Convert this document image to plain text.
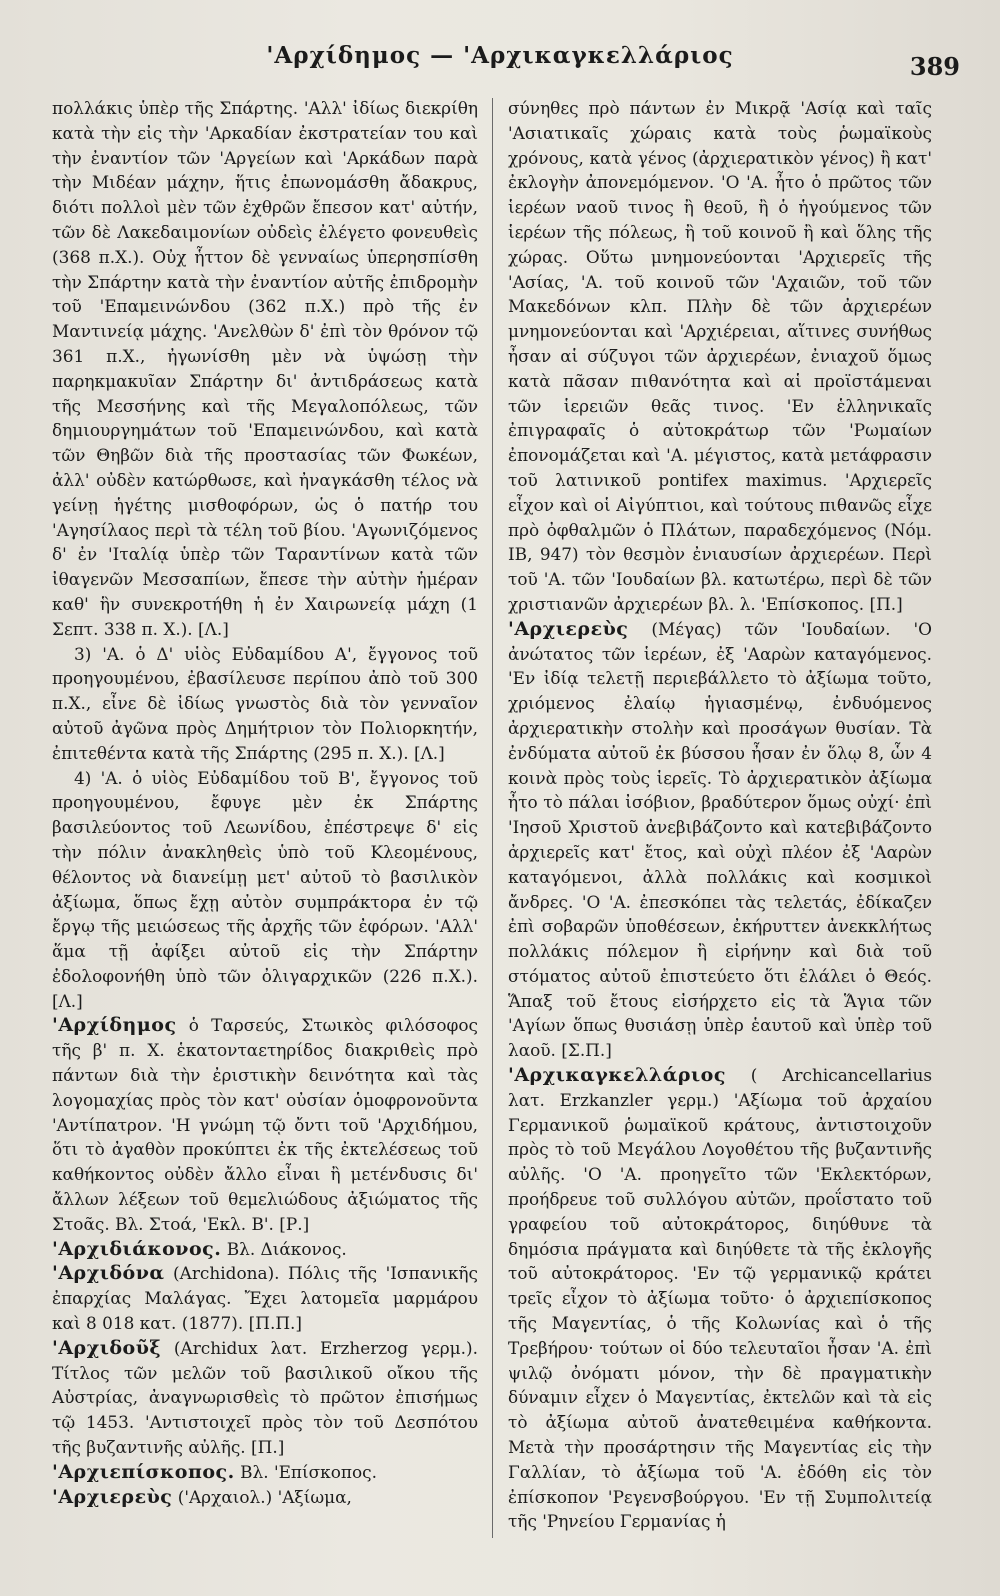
'Αρχίδημος — 'Αρχικαγκελλάριος	389

πολλάκις ὑπὲρ τῆς Σπάρτης. 'Αλλ' ἰδίως διεκρίθη κατὰ τὴν εἰς τὴν 'Αρκαδίαν ἐκστρατείαν του καὶ τὴν ἐναντίον τῶν 'Αργείων καὶ 'Αρκάδων παρὰ τὴν Μιδέαν μάχην, ἥτις ἐπωνομάσθη ἄδακρυς, διότι πολλοὶ μὲν τῶν ἐχθρῶν ἔπεσον κατ' αὐτήν, τῶν δὲ Λακεδαιμονίων οὐδεὶς ἐλέγετο φονευθεὶς (368 π.Χ.). Οὐχ ἧττον δὲ γενναίως ὑπερησπίσθη τὴν Σπάρτην κατὰ τὴν ἐναντίον αὐτῆς ἐπιδρομὴν τοῦ 'Επαμεινώνδου (362 π.Χ.) πρὸ τῆς ἐν Μαντινείᾳ μάχης. 'Ανελθὼν δ' ἐπὶ τὸν θρόνον τῷ 361 π.Χ., ἠγωνίσθη μὲν νὰ ὑψώσῃ τὴν παρηκμακυῖαν Σπάρτην δι' ἀντιδράσεως κατὰ τῆς Μεσσήνης καὶ τῆς Μεγαλοπόλεως, τῶν δημιουργημάτων τοῦ 'Επαμεινώνδου, καὶ κατὰ τῶν Θηβῶν διὰ τῆς προστασίας τῶν Φωκέων, ἀλλ' οὐδὲν κατώρθωσε, καὶ ἠναγκάσθη τέλος νὰ γείνῃ ἡγέτης μισθοφόρων, ὡς ὁ πατήρ του 'Αγησίλαος περὶ τὰ τέλη τοῦ βίου. 'Αγωνιζόμενος δ' ἐν 'Ιταλίᾳ ὑπὲρ τῶν Ταραντίνων κατὰ τῶν ἰθαγενῶν Μεσσαπίων, ἔπεσε τὴν αὐτὴν ἡμέραν καθ' ἣν συνεκροτήθη ἡ ἐν Χαιρωνείᾳ μάχη (1 Σεπτ. 338 π. Χ.). [Λ.]

3) 'Α. ὁ Δ' υἱὸς Εὐδαμίδου Α', ἔγγονος τοῦ προηγουμένου, ἐβασίλευσε περίπου ἀπὸ τοῦ 300 π.Χ., εἶνε δὲ ἰδίως γνωστὸς διὰ τὸν γενναῖον αὐτοῦ ἀγῶνα πρὸς Δημήτριον τὸν Πολιορκητήν, ἐπιτεθέντα κατὰ τῆς Σπάρτης (295 π. Χ.). [Λ.]

4) 'Α. ὁ υἱὸς Εὐδαμίδου τοῦ Β', ἔγγονος τοῦ προηγουμένου, ἔφυγε μὲν ἐκ Σπάρτης βασιλεύοντος τοῦ Λεωνίδου, ἐπέστρεψε δ' εἰς τὴν πόλιν ἀνακληθεὶς ὑπὸ τοῦ Κλεομένους, θέλοντος νὰ διανείμῃ μετ' αὐτοῦ τὸ βασιλικὸν ἀξίωμα, ὅπως ἔχῃ αὐτὸν συμπράκτορα ἐν τῷ ἔργῳ τῆς μειώσεως τῆς ἀρχῆς τῶν ἐφόρων. 'Αλλ' ἅμα τῇ ἀφίξει αὐτοῦ εἰς τὴν Σπάρτην ἐδολοφονήθη ὑπὸ τῶν ὀλιγαρχικῶν (226 π.Χ.). [Λ.]

'Αρχίδημος ὁ Ταρσεύς, Στωικὸς φιλόσοφος τῆς β' π. Χ. ἑκατονταετηρίδος διακριθεὶς πρὸ πάντων διὰ τὴν ἐριστικὴν δεινότητα καὶ τὰς λογομαχίας πρὸς τὸν κατ' οὐσίαν ὁμοφρονοῦντα 'Αντίπατρον. 'Η γνώμη τῷ ὄντι τοῦ 'Αρχιδήμου, ὅτι τὸ ἀγαθὸν προκύπτει ἐκ τῆς ἐκτελέσεως τοῦ καθήκοντος οὐδὲν ἄλλο εἶναι ἢ μετένδυσις δι' ἄλλων λέξεων τοῦ θεμελιώδους ἀξιώματος τῆς Στοᾶς. Βλ. Στοά, 'Εκλ. Β'. [Ρ.]

'Αρχιδιάκονος. Βλ. Διάκονος.

'Αρχιδόνα (Archidona). Πόλις τῆς 'Ισπανικῆς ἐπαρχίας Μαλάγας. Ἔχει λατομεῖα μαρμάρου καὶ 8 018 κατ. (1877). [Π.Π.]

'Αρχιδοῦξ (Archidux λατ. Erzherzog γερμ.). Τίτλος τῶν μελῶν τοῦ βασιλικοῦ οἴκου τῆς Αὐστρίας, ἀναγνωρισθεὶς τὸ πρῶτον ἐπισήμως τῷ 1453. 'Αντιστοιχεῖ πρὸς τὸν τοῦ Δεσπότου τῆς βυζαντινῆς αὐλῆς. [Π.]

'Αρχιεπίσκοπος. Βλ. 'Επίσκοπος.

'Αρχιερεὺς ('Αρχαιολ.) 'Αξίωμα,

σύνηθες πρὸ πάντων ἐν Μικρᾷ 'Ασίᾳ καὶ ταῖς 'Ασιατικαῖς χώραις κατὰ τοὺς ῥωμαϊκοὺς χρόνους, κατὰ γένος (ἀρχιερατικὸν γένος) ἢ κατ' ἐκλογὴν ἀπονεμόμενον. 'Ο 'Α. ἦτο ὁ πρῶτος τῶν ἱερέων ναοῦ τινος ἢ θεοῦ, ἢ ὁ ἡγούμενος τῶν ἱερέων τῆς πόλεως, ἢ τοῦ κοινοῦ ἢ καὶ ὅλης τῆς χώρας. Οὕτω μνημονεύονται 'Αρχιερεῖς τῆς 'Ασίας, 'Α. τοῦ κοινοῦ τῶν 'Αχαιῶν, τοῦ τῶν Μακεδόνων κλπ. Πλὴν δὲ τῶν ἀρχιερέων μνημονεύονται καὶ 'Αρχιέρειαι, αἵτινες συνήθως ἦσαν αἱ σύζυγοι τῶν ἀρχιερέων, ἐνιαχοῦ ὅμως κατὰ πᾶσαν πιθανότητα καὶ αἱ προϊστάμεναι τῶν ἱερειῶν θεᾶς τινος. 'Εν ἑλληνικαῖς ἐπιγραφαῖς ὁ αὐτοκράτωρ τῶν 'Ρωμαίων ἐπονομάζεται καὶ 'Α. μέγιστος, κατὰ μετάφρασιν τοῦ λατινικοῦ pontifex maximus. 'Αρχιερεῖς εἶχον καὶ οἱ Αἰγύπτιοι, καὶ τούτους πιθανῶς εἶχε πρὸ ὀφθαλμῶν ὁ Πλάτων, παραδεχόμενος (Νόμ. ΙΒ, 947) τὸν θεσμὸν ἐνιαυσίων ἀρχιερέων. Περὶ τοῦ 'Α. τῶν 'Ιουδαίων βλ. κατωτέρω, περὶ δὲ τῶν χριστιανῶν ἀρχιερέων βλ. λ. 'Επίσκοπος. [Π.]

'Αρχιερεὺς (Μέγας) τῶν 'Ιουδαίων. 'Ο ἀνώτατος τῶν ἱερέων, ἐξ 'Ααρὼν καταγόμενος. 'Εν ἰδίᾳ τελετῇ περιεβάλλετο τὸ ἀξίωμα τοῦτο, χριόμενος ἐλαίῳ ἡγιασμένῳ, ἐνδυόμενος ἀρχιερατικὴν στολὴν καὶ προσάγων θυσίαν. Τὰ ἐνδύματα αὐτοῦ ἐκ βύσσου ἦσαν ἐν ὅλῳ 8, ὧν 4 κοινὰ πρὸς τοὺς ἱερεῖς. Τὸ ἀρχιερατικὸν ἀξίωμα ἦτο τὸ πάλαι ἰσόβιον, βραδύτερον ὅμως οὐχί· ἐπὶ 'Ιησοῦ Χριστοῦ ἀνεβιβάζοντο καὶ κατεβιβάζοντο ἀρχιερεῖς κατ' ἔτος, καὶ οὐχὶ πλέον ἐξ 'Ααρὼν καταγόμενοι, ἀλλὰ πολλάκις καὶ κοσμικοὶ ἄνδρες. 'Ο 'Α. ἐπεσκόπει τὰς τελετάς, ἐδίκαζεν ἐπὶ σοβαρῶν ὑποθέσεων, ἐκήρυττεν ἀνεκκλήτως πολλάκις πόλεμον ἢ εἰρήνην καὶ διὰ τοῦ στόματος αὐτοῦ ἐπιστεύετο ὅτι ἐλάλει ὁ Θεός. Ἅπαξ τοῦ ἔτους εἰσήρχετο εἰς τὰ Ἅγια τῶν 'Αγίων ὅπως θυσιάσῃ ὑπὲρ ἑαυτοῦ καὶ ὑπὲρ τοῦ λαοῦ. [Σ.Π.]

'Αρχικαγκελλάριος ( Archicancellarius λατ. Erzkanzler γερμ.) 'Αξίωμα τοῦ ἀρχαίου Γερμανικοῦ ῥωμαϊκοῦ κράτους, ἀντιστοιχοῦν πρὸς τὸ τοῦ Μεγάλου Λογοθέτου τῆς βυζαντινῆς αὐλῆς. 'Ο 'Α. προηγεῖτο τῶν 'Εκλεκτόρων, προήδρευε τοῦ συλλόγου αὐτῶν, προΐστατο τοῦ γραφείου τοῦ αὐτοκράτορος, διηύθυνε τὰ δημόσια πράγματα καὶ διηύθετε τὰ τῆς ἐκλογῆς τοῦ αὐτοκράτορος. 'Εν τῷ γερμανικῷ κράτει τρεῖς εἶχον τὸ ἀξίωμα τοῦτο· ὁ ἀρχιεπίσκοπος τῆς Μαγεντίας, ὁ τῆς Κολωνίας καὶ ὁ τῆς Τρεβήρου· τούτων οἱ δύο τελευταῖοι ἦσαν 'Α. ἐπὶ ψιλῷ ὀνόματι μόνον, τὴν δὲ πραγματικὴν δύναμιν εἶχεν ὁ Μαγεντίας, ἐκτελῶν καὶ τὰ εἰς τὸ ἀξίωμα αὐτοῦ ἀνατεθειμένα καθήκοντα. Μετὰ τὴν προσάρτησιν τῆς Μαγεντίας εἰς τὴν Γαλλίαν, τὸ ἀξίωμα τοῦ 'Α. ἐδόθη εἰς τὸν ἐπίσκοπον 'Ρεγενσβούργου. 'Εν τῇ Συμπολιτείᾳ τῆς 'Ρηνείου Γερμανίας ἡ
